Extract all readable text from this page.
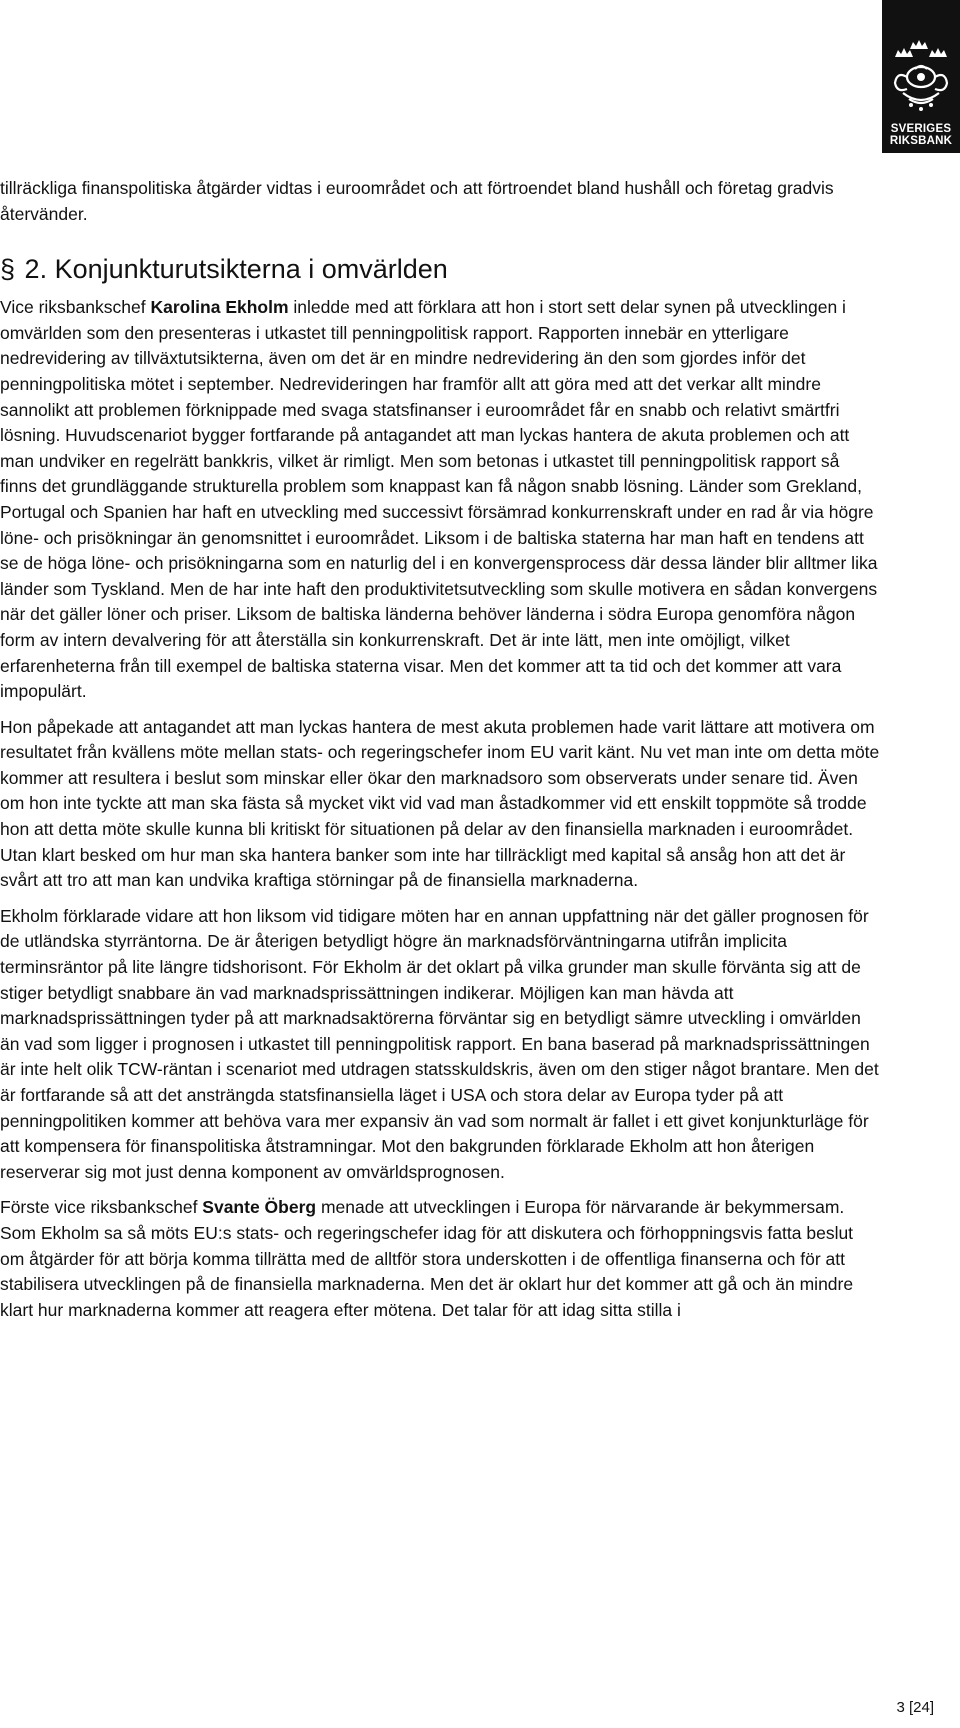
SVERIGES
RIKSBANK

tillräckliga finanspolitiska åtgärder vidtas i euroområdet och att förtroendet bland hushåll och företag gradvis återvänder.

§ 2. Konjunkturutsikterna i omvärlden

Vice riksbankschef Karolina Ekholm inledde med att förklara att hon i stort sett delar synen på utvecklingen i omvärlden som den presenteras i utkastet till penningpolitisk rapport. Rapporten innebär en ytterligare nedrevidering av tillväxtutsikterna, även om det är en mindre nedrevidering än den som gjordes inför det penningpolitiska mötet i september. Nedrevideringen har framför allt att göra med att det verkar allt mindre sannolikt att problemen förknippade med svaga statsfinanser i euroområdet får en snabb och relativt smärtfri lösning. Huvudscenariot bygger fortfarande på antagandet att man lyckas hantera de akuta problemen och att man undviker en regelrätt bankkris, vilket är rimligt. Men som betonas i utkastet till penningpolitisk rapport så finns det grundläggande strukturella problem som knappast kan få någon snabb lösning. Länder som Grekland, Portugal och Spanien har haft en utveckling med successivt försämrad konkurrenskraft under en rad år via högre löne- och prisökningar än genomsnittet i euroområdet. Liksom i de baltiska staterna har man haft en tendens att se de höga löne- och prisökningarna som en naturlig del i en konvergensprocess där dessa länder blir alltmer lika länder som Tyskland. Men de har inte haft den produktivitetsutveckling som skulle motivera en sådan konvergens när det gäller löner och priser. Liksom de baltiska länderna behöver länderna i södra Europa genomföra någon form av intern devalvering för att återställa sin konkurrenskraft. Det är inte lätt, men inte omöjligt, vilket erfarenheterna från till exempel de baltiska staterna visar. Men det kommer att ta tid och det kommer att vara impopulärt.

Hon påpekade att antagandet att man lyckas hantera de mest akuta problemen hade varit lättare att motivera om resultatet från kvällens möte mellan stats- och regeringschefer inom EU varit känt. Nu vet man inte om detta möte kommer att resultera i beslut som minskar eller ökar den marknadsoro som observerats under senare tid. Även om hon inte tyckte att man ska fästa så mycket vikt vid vad man åstadkommer vid ett enskilt toppmöte så trodde hon att detta möte skulle kunna bli kritiskt för situationen på delar av den finansiella marknaden i euroområdet. Utan klart besked om hur man ska hantera banker som inte har tillräckligt med kapital så ansåg hon att det är svårt att tro att man kan undvika kraftiga störningar på de finansiella marknaderna.

Ekholm förklarade vidare att hon liksom vid tidigare möten har en annan uppfattning när det gäller prognosen för de utländska styrräntorna. De är återigen betydligt högre än marknadsförväntningarna utifrån implicita terminsräntor på lite längre tidshorisont. För Ekholm är det oklart på vilka grunder man skulle förvänta sig att de stiger betydligt snabbare än vad marknadsprissättningen indikerar. Möjligen kan man hävda att marknadsprissättningen tyder på att marknadsaktörerna förväntar sig en betydligt sämre utveckling i omvärlden än vad som ligger i prognosen i utkastet till penningpolitisk rapport. En bana baserad på marknadsprissättningen är inte helt olik TCW-räntan i scenariot med utdragen statsskuldskris, även om den stiger något brantare. Men det är fortfarande så att det ansträngda statsfinansiella läget i USA och stora delar av Europa tyder på att penningpolitiken kommer att behöva vara mer expansiv än vad som normalt är fallet i ett givet konjunkturläge för att kompensera för finanspolitiska åtstramningar. Mot den bakgrunden förklarade Ekholm att hon återigen reserverar sig mot just denna komponent av omvärldsprognosen.

Förste vice riksbankschef Svante Öberg menade att utvecklingen i Europa för närvarande är bekymmersam. Som Ekholm sa så möts EU:s stats- och regeringschefer idag för att diskutera och förhoppningsvis fatta beslut om åtgärder för att börja komma tillrätta med de alltför stora underskotten i de offentliga finanserna och för att stabilisera utvecklingen på de finansiella marknaderna. Men det är oklart hur det kommer att gå och än mindre klart hur marknaderna kommer att reagera efter mötena. Det talar för att idag sitta stilla i

3 [24]
